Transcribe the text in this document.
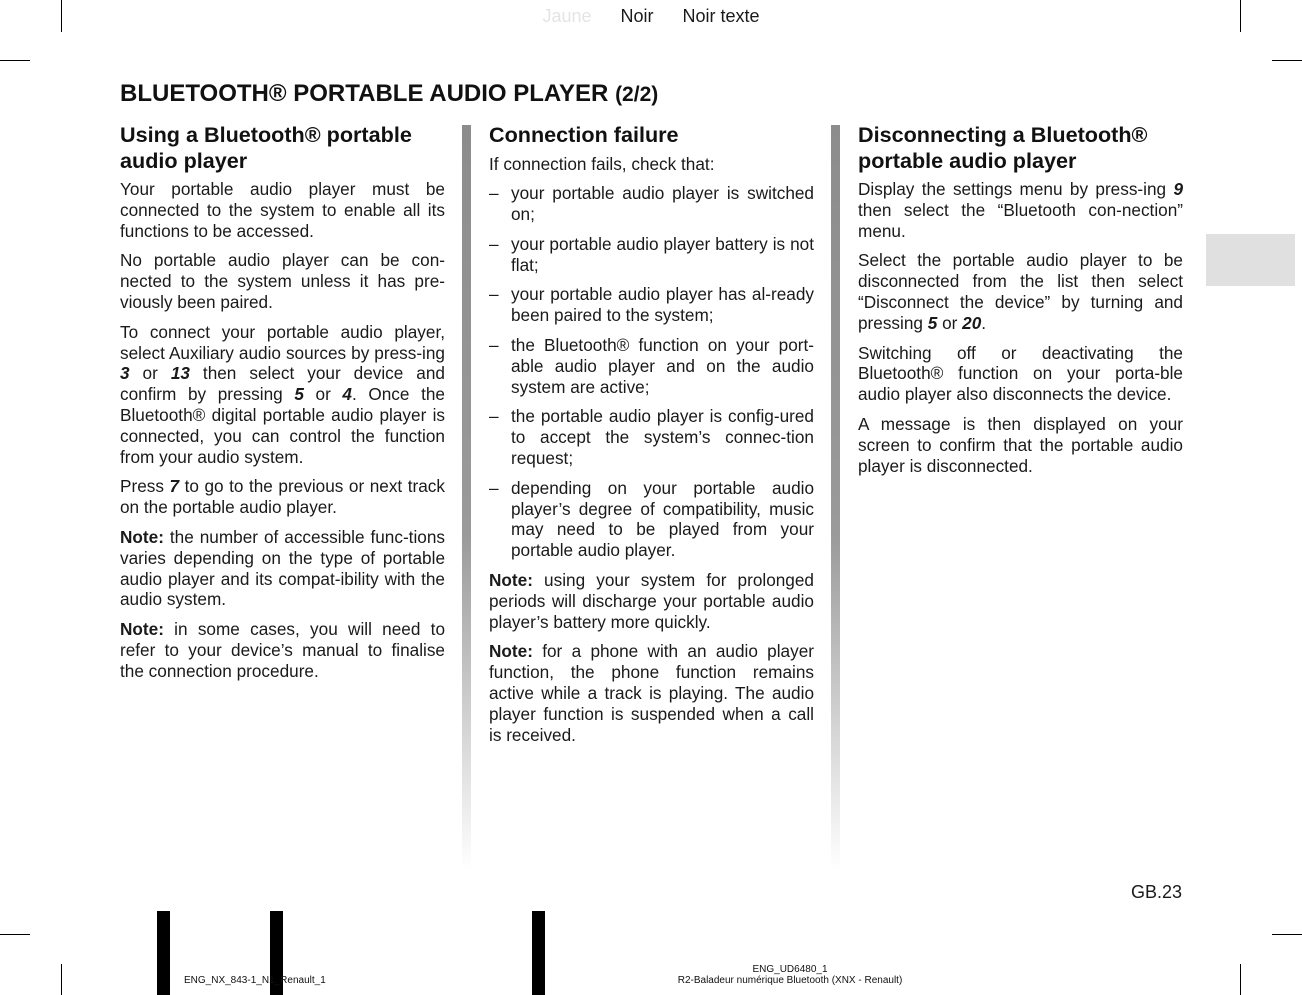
Jaune Noir Noir texte
BLUETOOTH® PORTABLE AUDIO PLAYER (2/2)
Using a Bluetooth® portable audio player

Your portable audio player must be connected to the system to enable all its functions to be accessed.

No portable audio player can be con-nected to the system unless it has pre-viously been paired.

To connect your portable audio player, select Auxiliary audio sources by press-ing 3 or 13 then select your device and confirm by pressing 5 or 4. Once the Bluetooth® digital portable audio player is connected, you can control the function from your audio system.

Press 7 to go to the previous or next track on the portable audio player.

Note: the number of accessible func-tions varies depending on the type of portable audio player and its compat-ibility with the audio system.

Note: in some cases, you will need to refer to your device’s manual to finalise the connection procedure.

Connection failure

If connection fails, check that:

– your portable audio player is switched on;
– your portable audio player battery is not flat;
– your portable audio player has al-ready been paired to the system;
– the Bluetooth® function on your port-able audio player and on the audio system are active;
– the portable audio player is config-ured to accept the system’s connec-tion request;
– depending on your portable audio player’s degree of compatibility, music may need to be played from your portable audio player.

Note: using your system for prolonged periods will discharge your portable audio player’s battery more quickly.

Note: for a phone with an audio player function, the phone function remains active while a track is playing. The audio player function is suspended when a call is received.

Disconnecting a Bluetooth® portable audio player

Display the settings menu by press-ing 9 then select the “Bluetooth con-nection” menu.

Select the portable audio player to be disconnected from the list then select “Disconnect the device” by turning and pressing 5 or 20.

Switching off or deactivating the Bluetooth® function on your porta-ble audio player also disconnects the device.

A message is then displayed on your screen to confirm that the portable audio player is disconnected.

GB.23
ENG_NX_843-1_N1_Renault_1
ENG_UD6480_1
R2-Baladeur numérique Bluetooth (XNX - Renault)
